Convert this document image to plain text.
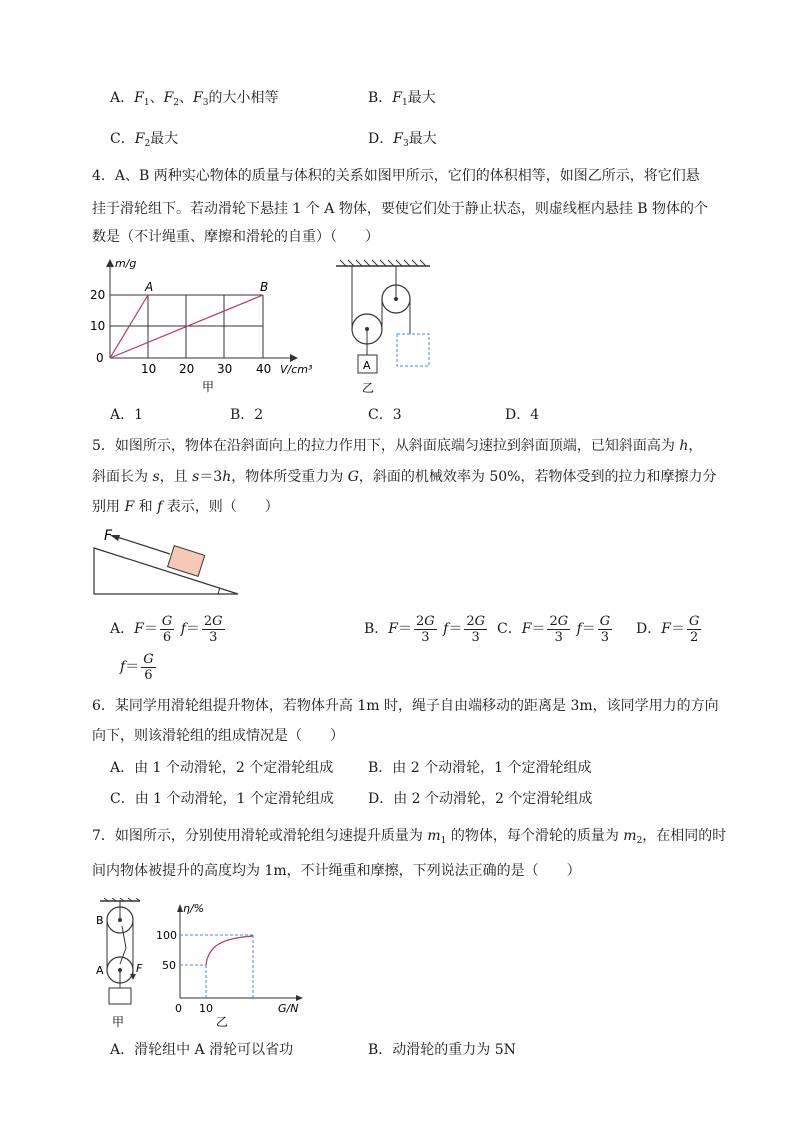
A．$F_1$、$F_2$、$F_3$的大小相等	B．$F_1$最大
C．$F_2$最大	D．$F_3$最大
4．A、B 两种实心物体的质量与体积的关系如图甲所示，它们的体积相等，如图乙所示，将它们悬
挂于滑轮组下。若动滑轮下悬挂 1 个 A 物体，要使它们处于静止状态，则虚线框内悬挂 B 物体的个
数是（不计绳重、摩擦和滑轮的自重）（　　）
m/g
0
10
20
10 20 30 40 V/cm³
A	B
甲
A
乙
A．1	B．2	C．3	D．4
5．如图所示，物体在沿斜面向上的拉力作用下，从斜面底端匀速拉到斜面顶端，已知斜面高为 h，
斜面长为 s，且 s＝3h，物体所受重力为 G，斜面的机械效率为 50%，若物体受到的拉力和摩擦力分
别用 F 和 f 表示，则（　　）
F
A．$F= \frac{G}{6} f= \frac{2G}{3}$
$f= \frac{G}{6}$
B．$F= \frac{2G}{3} f= \frac{2G}{3}$ C．$F= \frac{2G}{3} f= \frac{G}{3}$ D．$F= \frac{G}{2}$
6．某同学用滑轮组提升物体，若物体升高 1m 时，绳子自由端移动的距离是 3m，该同学用力的方向
向下，则该滑轮组的组成情况是（　　）
A．由 1 个动滑轮，2 个定滑轮组成 B．由 2 个动滑轮，1 个定滑轮组成
C．由 1 个动滑轮，1 个定滑轮组成 D．由 2 个动滑轮，2 个定滑轮组成
7．如图所示，分别使用滑轮或滑轮组匀速提升质量为 $m_1$ 的物体，每个滑轮的质量为 $m_2$，在相同的时
间内物体被提升的高度均为 1m，不计绳重和摩擦，下列说法正确的是（　　）
B
A	F
甲
η/%
100
50
0 10	G/N
乙
A．滑轮组中 A 滑轮可以省功	B．动滑轮的重力为 5N
